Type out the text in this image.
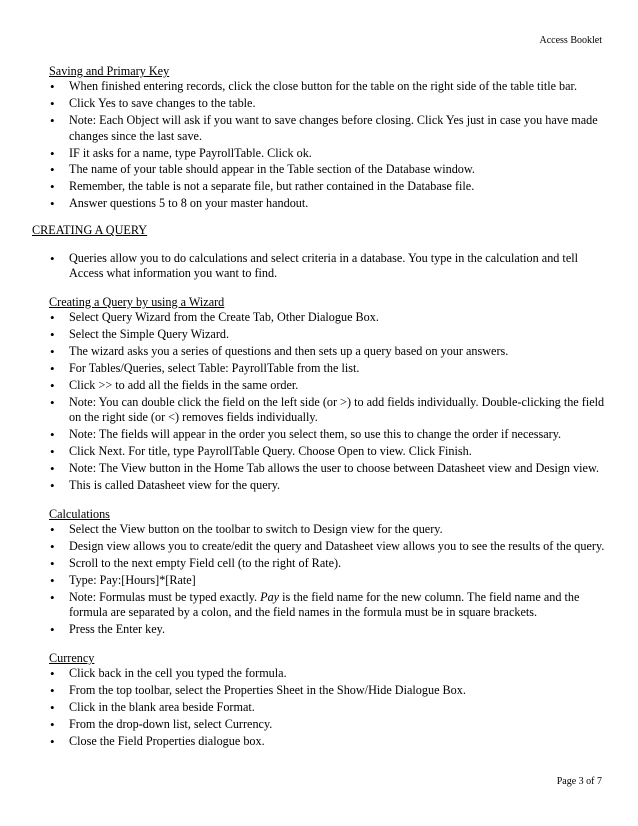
Access Booklet
Saving and Primary Key
• When finished entering records, click the close button for the table on the right side of the table title bar.
• Click Yes to save changes to the table.
• Note: Each Object will ask if you want to save changes before closing. Click Yes just in case you have made changes since the last save.
• IF it asks for a name, type PayrollTable. Click ok.
• The name of your table should appear in the Table section of the Database window.
• Remember, the table is not a separate file, but rather contained in the Database file.
• Answer questions 5 to 8 on your master handout.
CREATING A QUERY
• Queries allow you to do calculations and select criteria in a database. You type in the calculation and tell Access what information you want to find.
Creating a Query by using a Wizard
• Select Query Wizard from the Create Tab, Other Dialogue Box.
• Select the Simple Query Wizard.
• The wizard asks you a series of questions and then sets up a query based on your answers.
• For Tables/Queries, select Table: PayrollTable from the list.
• Click >> to add all the fields in the same order.
• Note: You can double click the field on the left side (or >) to add fields individually. Double-clicking the field on the right side (or <) removes fields individually.
• Note: The fields will appear in the order you select them, so use this to change the order if necessary.
• Click Next. For title, type PayrollTable Query. Choose Open to view. Click Finish.
• Note: The View button in the Home Tab allows the user to choose between Datasheet view and Design view.
• This is called Datasheet view for the query.
Calculations
• Select the View button on the toolbar to switch to Design view for the query.
• Design view allows you to create/edit the query and Datasheet view allows you to see the results of the query.
• Scroll to the next empty Field cell (to the right of Rate).
• Type: Pay:[Hours]*[Rate]
• Note: Formulas must be typed exactly. Pay is the field name for the new column. The field name and the formula are separated by a colon, and the field names in the formula must be in square brackets.
• Press the Enter key.
Currency
• Click back in the cell you typed the formula.
• From the top toolbar, select the Properties Sheet in the Show/Hide Dialogue Box.
• Click in the blank area beside Format.
• From the drop-down list, select Currency.
• Close the Field Properties dialogue box.
Page 3 of 7
